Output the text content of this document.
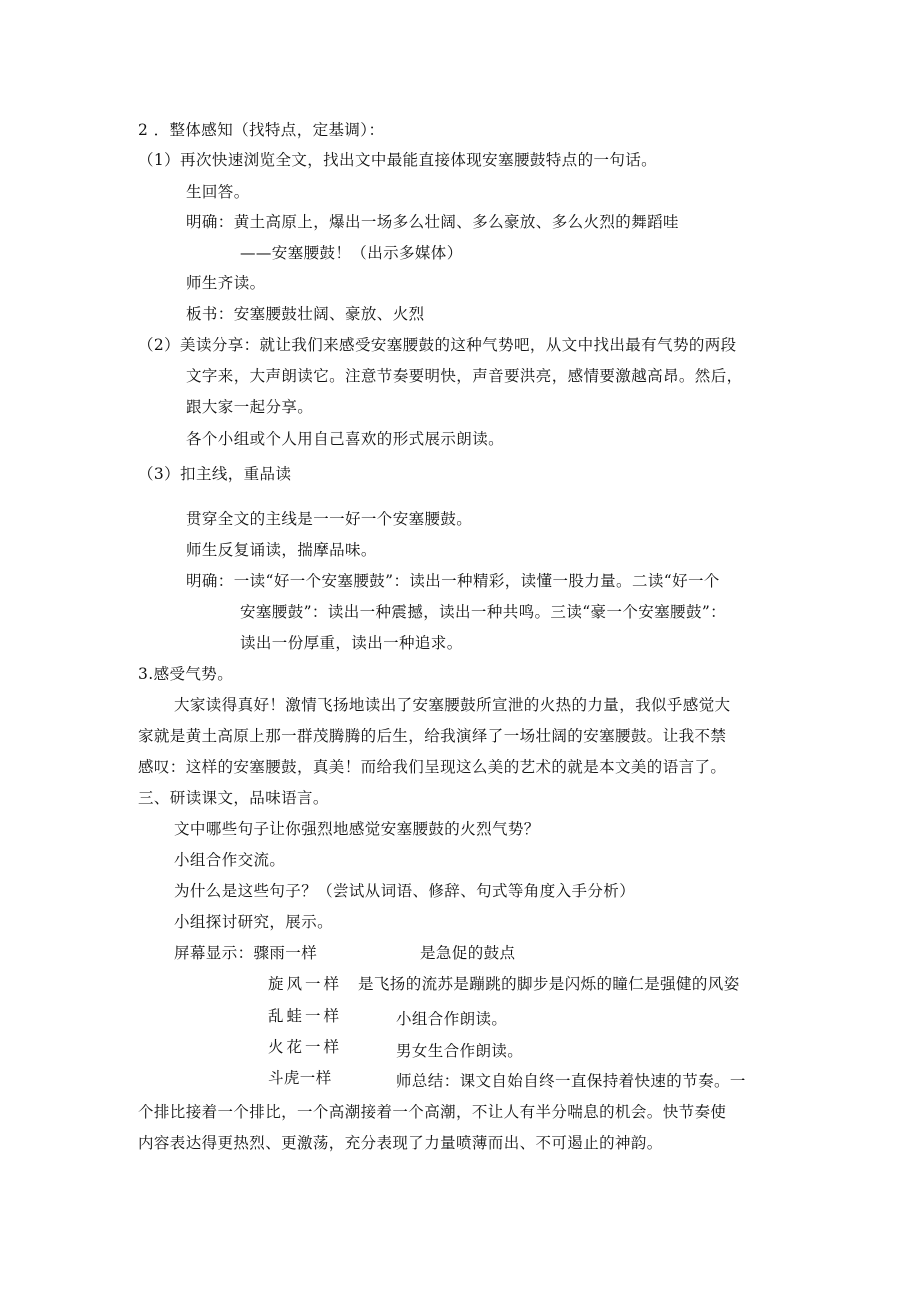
2 ．整体感知（找特点，定基调）：
（1）再次快速浏览全文，找出文中最能直接体现安塞腰鼓特点的一句话。
生回答。
明确：黄土高原上，爆出一场多么壮阔、多么豪放、多么火烈的舞蹈哇
——安塞腰鼓！（出示多媒体）
师生齐读。
板书：安塞腰鼓壮阔、豪放、火烈
（2）美读分享：就让我们来感受安塞腰鼓的这种气势吧，从文中找出最有气势的两段
文字来，大声朗读它。注意节奏要明快，声音要洪亮，感情要激越高昂。然后，
跟大家一起分享。
各个小组或个人用自己喜欢的形式展示朗读。
（3）扣主线，重品读
贯穿全文的主线是一一好一个安塞腰鼓。
师生反复诵读，揣摩品味。
明确：一读“好一个安塞腰鼓”：读出一种精彩，读懂一股力量。二读“好一个
安塞腰鼓”：读出一种震撼，读出一种共鸣。三读“豪一个安塞腰鼓”：
读出一份厚重，读出一种追求。
3.感受气势。
大家读得真好！激情飞扬地读出了安塞腰鼓所宣泄的火热的力量，我似乎感觉大
家就是黄土高原上那一群茂腾腾的后生，给我演绎了一场壮阔的安塞腰鼓。让我不禁
感叹：这样的安塞腰鼓，真美！而给我们呈现这么美的艺术的就是本文美的语言了。
三、研读课文，品味语言。
文中哪些句子让你强烈地感觉安塞腰鼓的火烈气势？
小组合作交流。
为什么是这些句子？（尝试从词语、修辞、句式等角度入手分析）
小组探讨研究，展示。
屏幕显示：骤雨一样	是急促的鼓点
旋风一样 是飞扬的流苏是蹦跳的脚步是闪烁的瞳仁是强健的风姿
乱蛙一样	小组合作朗读。
火花一样	男女生合作朗读。
斗虎一样	师总结：课文自始自终一直保持着快速的节奏。一
个排比接着一个排比，一个高潮接着一个高潮，不让人有半分喘息的机会。快节奏使
内容表达得更热烈、更激荡，充分表现了力量喷薄而出、不可遏止的神韵。
